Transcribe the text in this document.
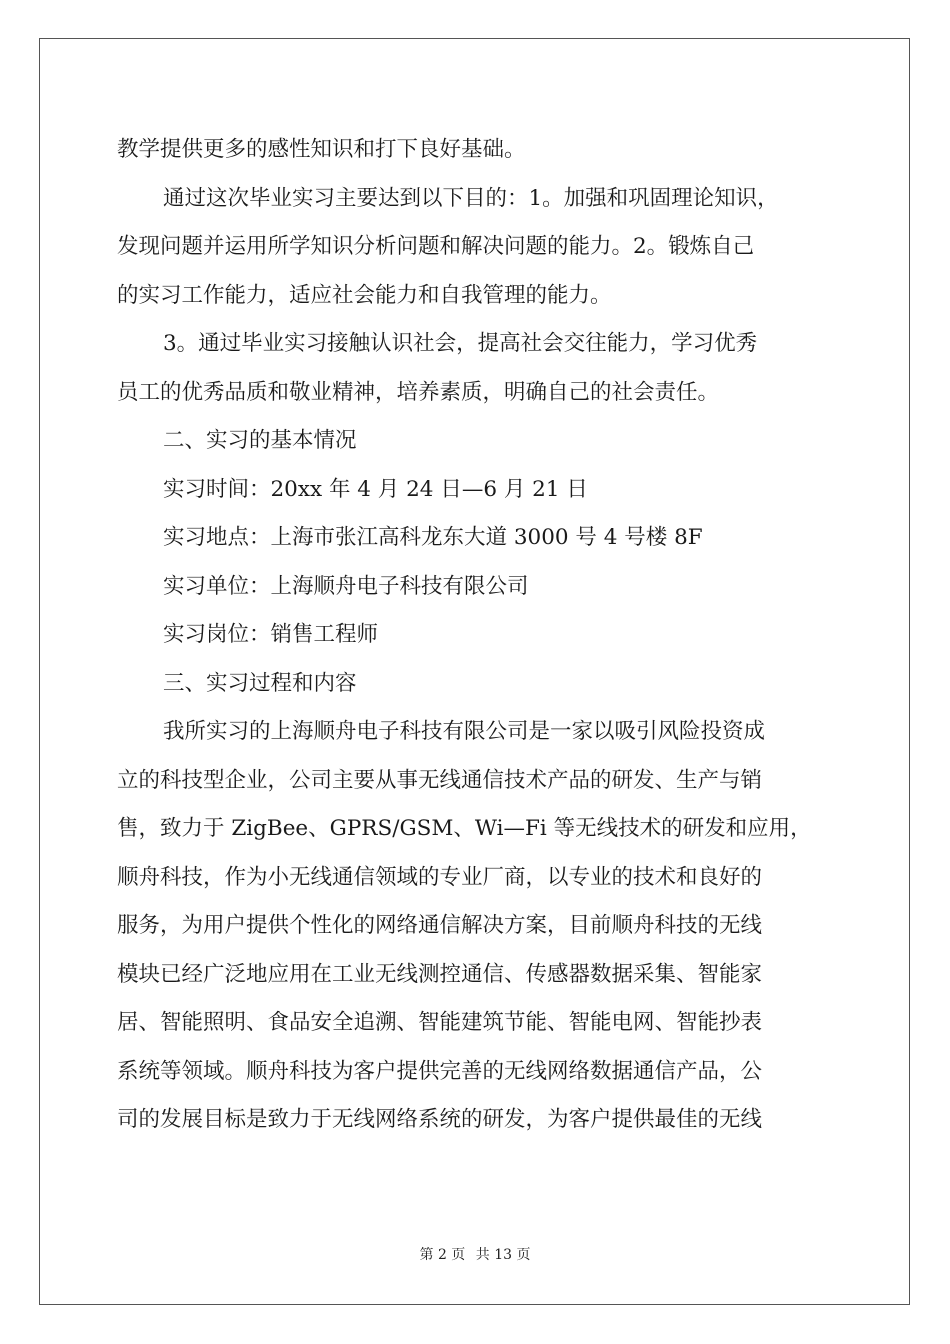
教学提供更多的感性知识和打下良好基础。
通过这次毕业实习主要达到以下目的：1。加强和巩固理论知识，
发现问题并运用所学知识分析问题和解决问题的能力。2。锻炼自己
的实习工作能力，适应社会能力和自我管理的能力。
3。通过毕业实习接触认识社会，提高社会交往能力，学习优秀
员工的优秀品质和敬业精神，培养素质，明确自己的社会责任。
二、实习的基本情况
实习时间：20xx 年 4 月 24 日—6 月 21 日
实习地点：上海市张江高科龙东大道 3000 号 4 号楼 8F
实习单位：上海顺舟电子科技有限公司
实习岗位：销售工程师
三、实习过程和内容
我所实习的上海顺舟电子科技有限公司是一家以吸引风险投资成
立的科技型企业，公司主要从事无线通信技术产品的研发、生产与销
售，致力于 ZigBee、GPRS/GSM、Wi—Fi 等无线技术的研发和应用，
顺舟科技，作为小无线通信领域的专业厂商，以专业的技术和良好的
服务，为用户提供个性化的网络通信解决方案，目前顺舟科技的无线
模块已经广泛地应用在工业无线测控通信、传感器数据采集、智能家
居、智能照明、食品安全追溯、智能建筑节能、智能电网、智能抄表
系统等领域。顺舟科技为客户提供完善的无线网络数据通信产品，公
司的发展目标是致力于无线网络系统的研发，为客户提供最佳的无线
第 2 页 共 13 页
